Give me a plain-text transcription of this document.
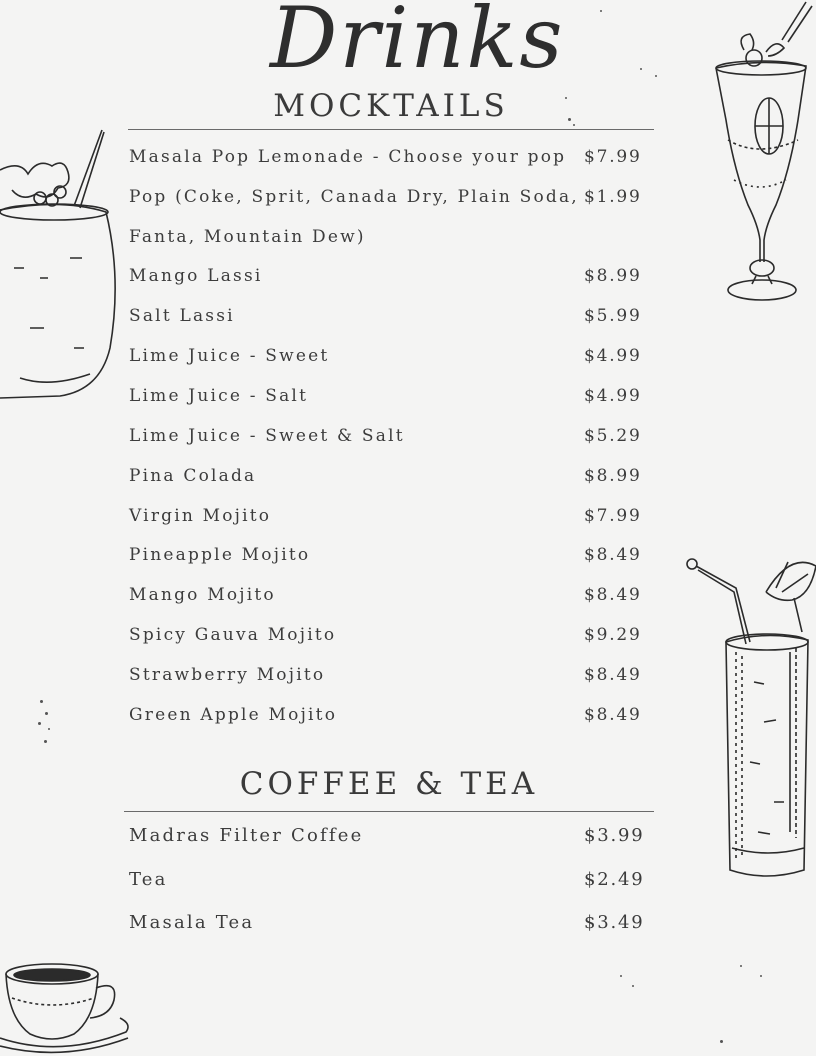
Drinks
MOCKTAILS
Masala Pop Lemonade - Choose your pop $7.99
Pop (Coke, Sprit, Canada Dry, Plain Soda, $1.99
Fanta, Mountain Dew)
Mango Lassi	$8.99
Salt Lassi	$5.99
Lime Juice - Sweet	$4.99
Lime Juice - Salt	$4.99
Lime Juice - Sweet & Salt	$5.29
Pina Colada	$8.99
Virgin Mojito	$7.99
Pineapple Mojito	$8.49
Mango Mojito	$8.49
Spicy Gauva Mojito	$9.29
Strawberry Mojito	$8.49
Green Apple Mojito	$8.49
COFFEE & TEA
Madras Filter Coffee	$3.99
Tea	$2.49
Masala Tea	$3.49
